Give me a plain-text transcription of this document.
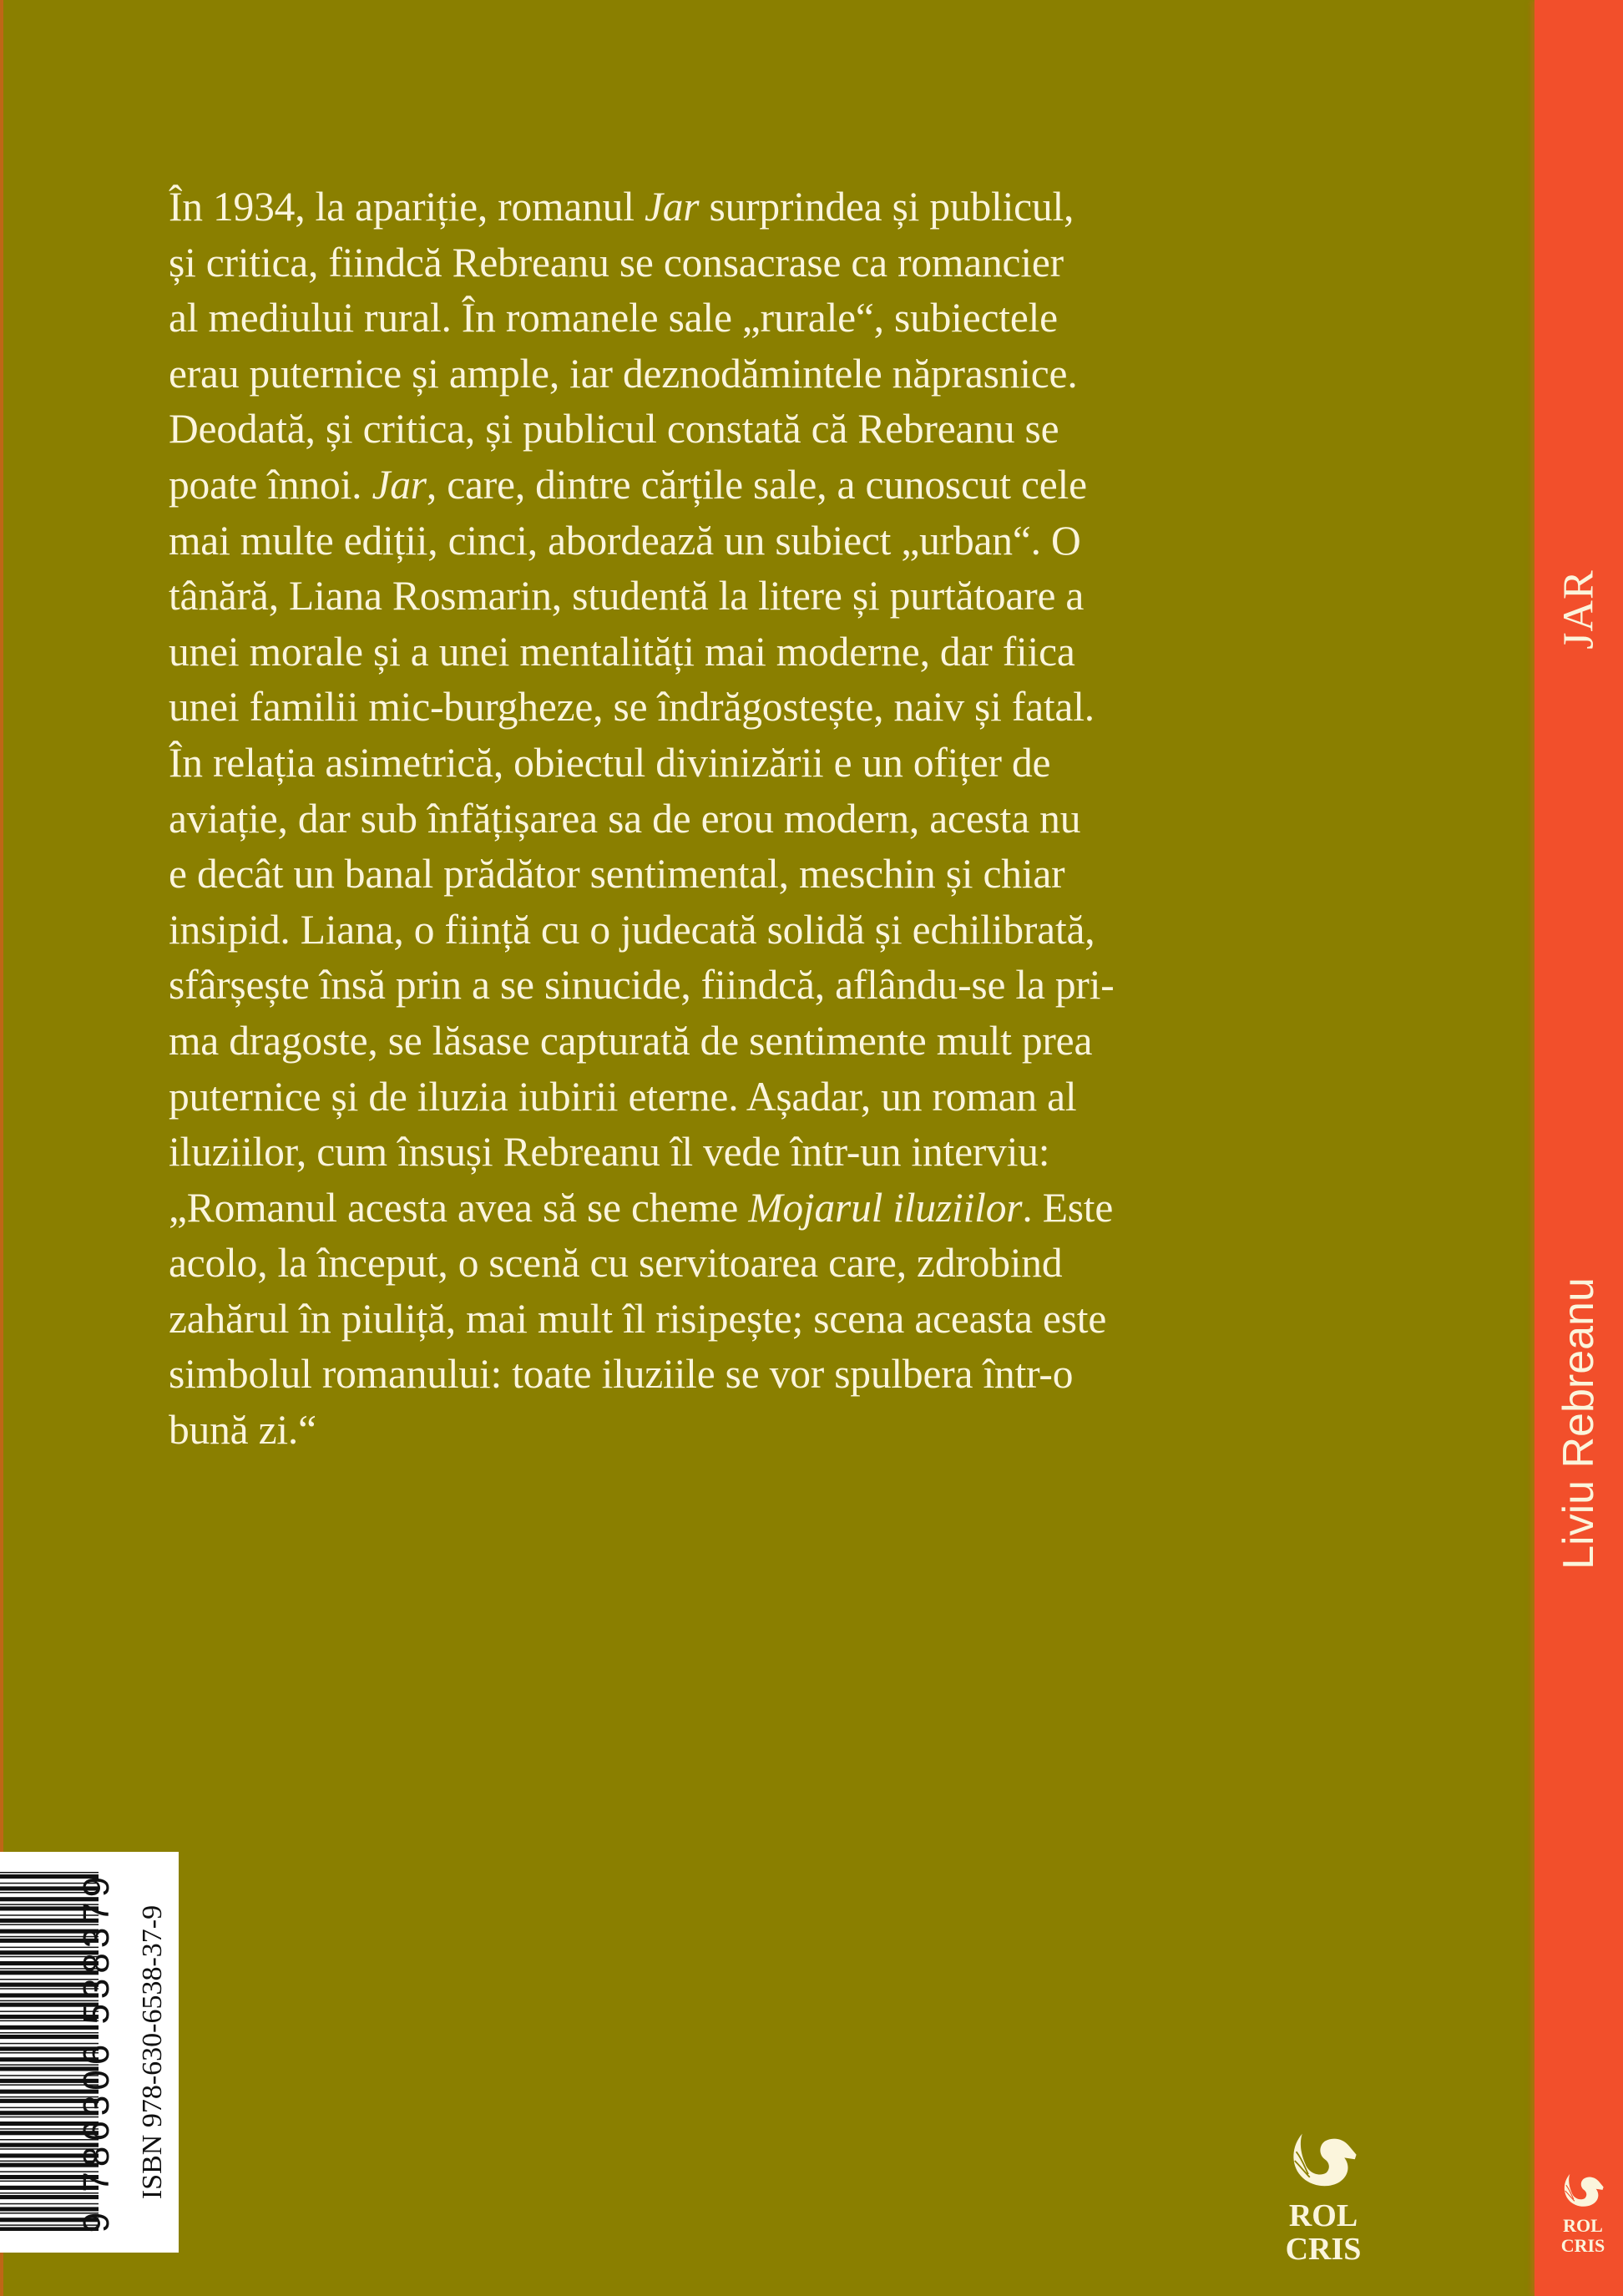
În 1934, la apariție, romanul Jar surprindea și publicul,
și critica, fiindcă Rebreanu se consacrase ca romancier
al mediului rural. În romanele sale „rurale“, subiectele
erau puternice și ample, iar deznodămintele năprasnice.
Deodată, și critica, și publicul constată că Rebreanu se
poate înnoi. Jar, care, dintre cărțile sale, a cunoscut cele
mai multe ediții, cinci, abordează un subiect „urban“. O
tânără, Liana Rosmarin, studentă la litere și purtătoare a
unei morale și a unei mentalități mai moderne, dar fiica
unei familii mic-burgheze, se îndrăgostește, naiv și fatal.
În relația asimetrică, obiectul divinizării e un ofițer de
aviație, dar sub înfățișarea sa de erou modern, acesta nu
e decât un banal prădător sentimental, meschin și chiar
insipid. Liana, o ființă cu o judecată solidă și echilibrată,
sfârșește însă prin a se sinucide, fiindcă, aflându-se la pri-
ma dragoste, se lăsase capturată de sentimente mult prea
puternice și de iluzia iubirii eterne. Așadar, un roman al
iluziilor, cum însuși Rebreanu îl vede într-un interviu:
„Romanul acesta avea să se cheme Mojarul iluziilor. Este
acolo, la început, o scenă cu servitoarea care, zdrobind
zahărul în piuliță, mai mult îl risipește; scena aceasta este
simbolul romanului: toate iluziile se vor spulbera într-o
bună zi.“
JAR
Liviu Rebreanu
ROL
CRIS
ROL
CRIS
9 786306 538379 ISBN 978-630-6538-37-9
